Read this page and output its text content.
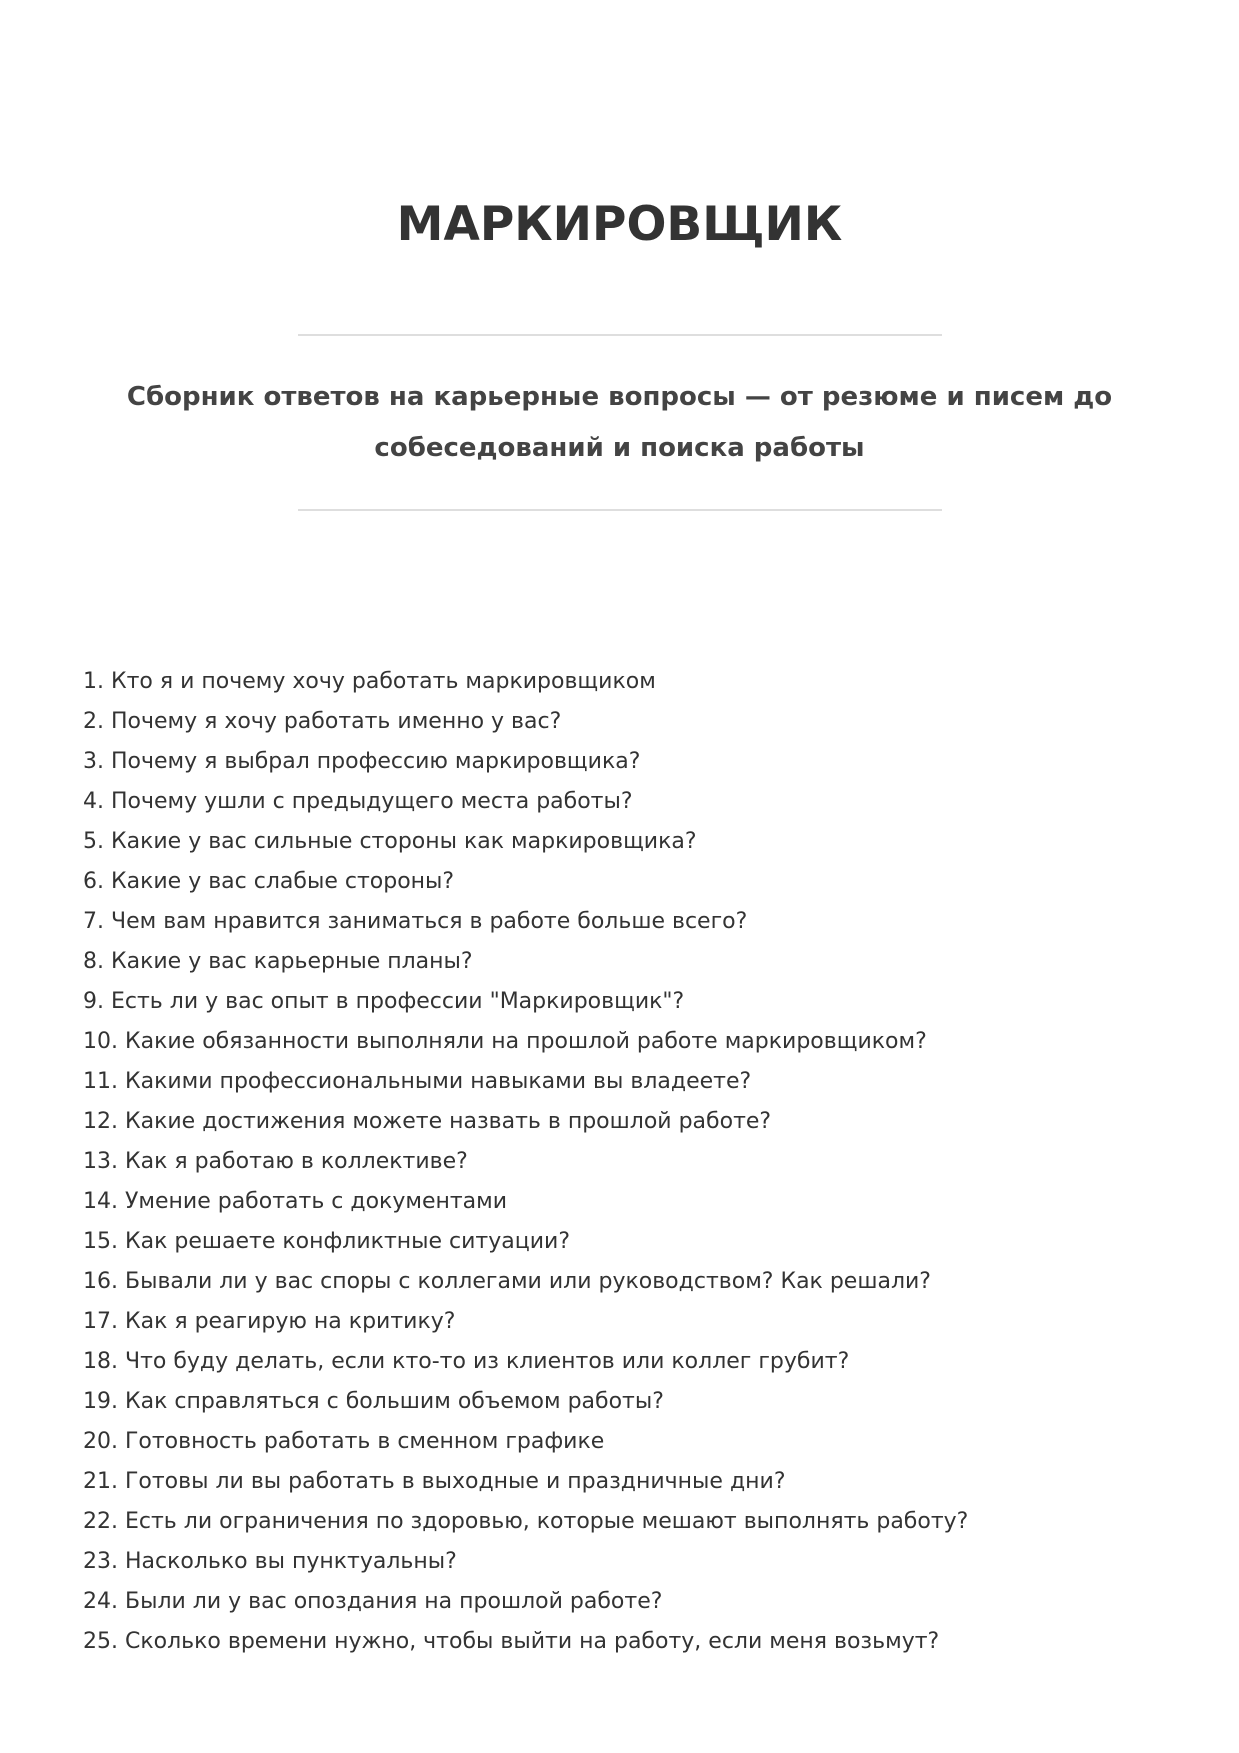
МАРКИРОВЩИК

Сборник ответов на карьерные вопросы — от резюме и писем до собеседований и поиска работы

1. Кто я и почему хочу работать маркировщиком
2. Почему я хочу работать именно у вас?
3. Почему я выбрал профессию маркировщика?
4. Почему ушли с предыдущего места работы?
5. Какие у вас сильные стороны как маркировщика?
6. Какие у вас слабые стороны?
7. Чем вам нравится заниматься в работе больше всего?
8. Какие у вас карьерные планы?
9. Есть ли у вас опыт в профессии "Маркировщик"?
10. Какие обязанности выполняли на прошлой работе маркировщиком?
11. Какими профессиональными навыками вы владеете?
12. Какие достижения можете назвать в прошлой работе?
13. Как я работаю в коллективе?
14. Умение работать с документами
15. Как решаете конфликтные ситуации?
16. Бывали ли у вас споры с коллегами или руководством? Как решали?
17. Как я реагирую на критику?
18. Что буду делать, если кто-то из клиентов или коллег грубит?
19. Как справляться с большим объемом работы?
20. Готовность работать в сменном графике
21. Готовы ли вы работать в выходные и праздничные дни?
22. Есть ли ограничения по здоровью, которые мешают выполнять работу?
23. Насколько вы пунктуальны?
24. Были ли у вас опоздания на прошлой работе?
25. Сколько времени нужно, чтобы выйти на работу, если меня возьмут?
